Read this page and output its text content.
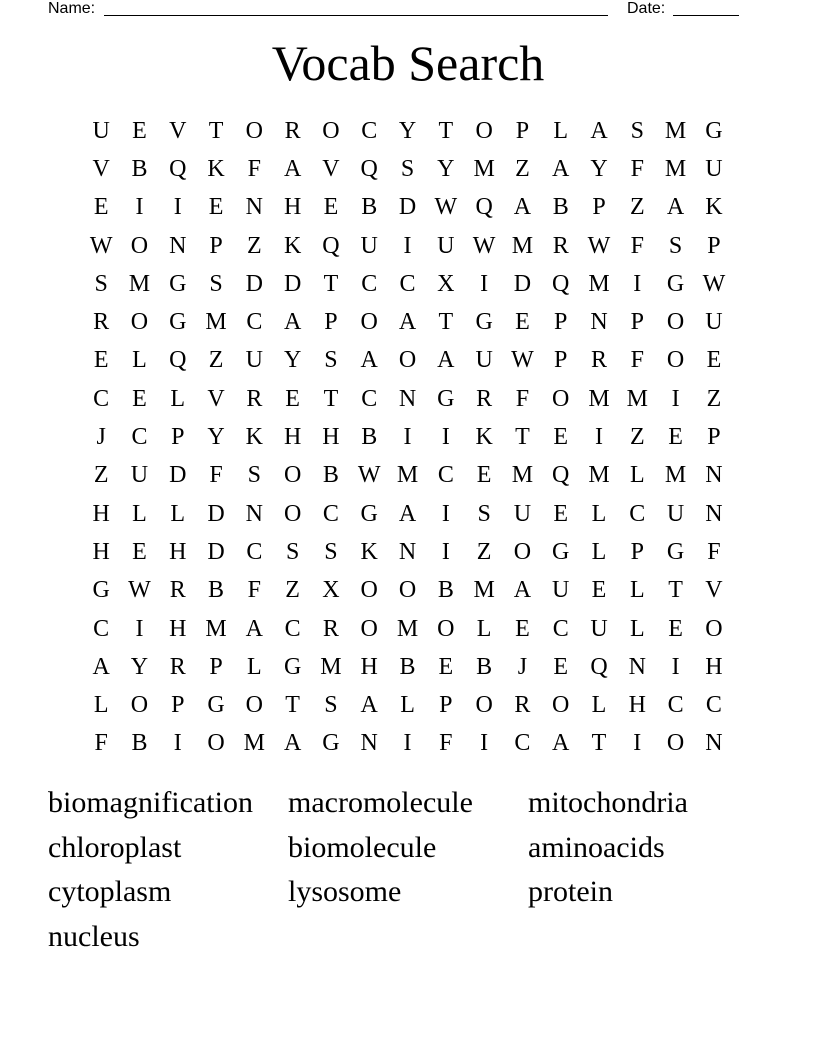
Name:	Date:
Vocab Search
U E V T O R O C Y T O P	L A S M G
V B Q K F A V Q S Y M Z A Y F M U
E	I	I	E N H E B D W Q A B P	Z A K
W O N P	Z K Q U	I	U W M R W F	S	P
S M G S D D T C C X	I	D Q M I	G W
R O G M C A P O A T G E	P N P O U
E L Q Z U Y S A O A U W P R F O E
C E L V R E T C N G R F O M M I	Z
J	C P Y K H H B	I	I	K T E	I	Z E	P
Z U D F	S O B W M C E M Q M L M N
H L L D N O C G A	I	S U E L C U N
H E H D C S	S K N	I	Z O G L	P G F
G W R B F	Z X O O B M A U E L T V
C	I	H M A C R O M O L E C U L E O
A Y R P	L G M H B E B	J	E Q N	I	H
L O P G O T	S A L	P O R O L H C C
F B	I	O M A G N	I	F	I	C A T	I	O N
biomagnification	macromolecule	mitochondria
chloroplast	biomolecule	aminoacids
cytoplasm	lysosome	protein
nucleus
